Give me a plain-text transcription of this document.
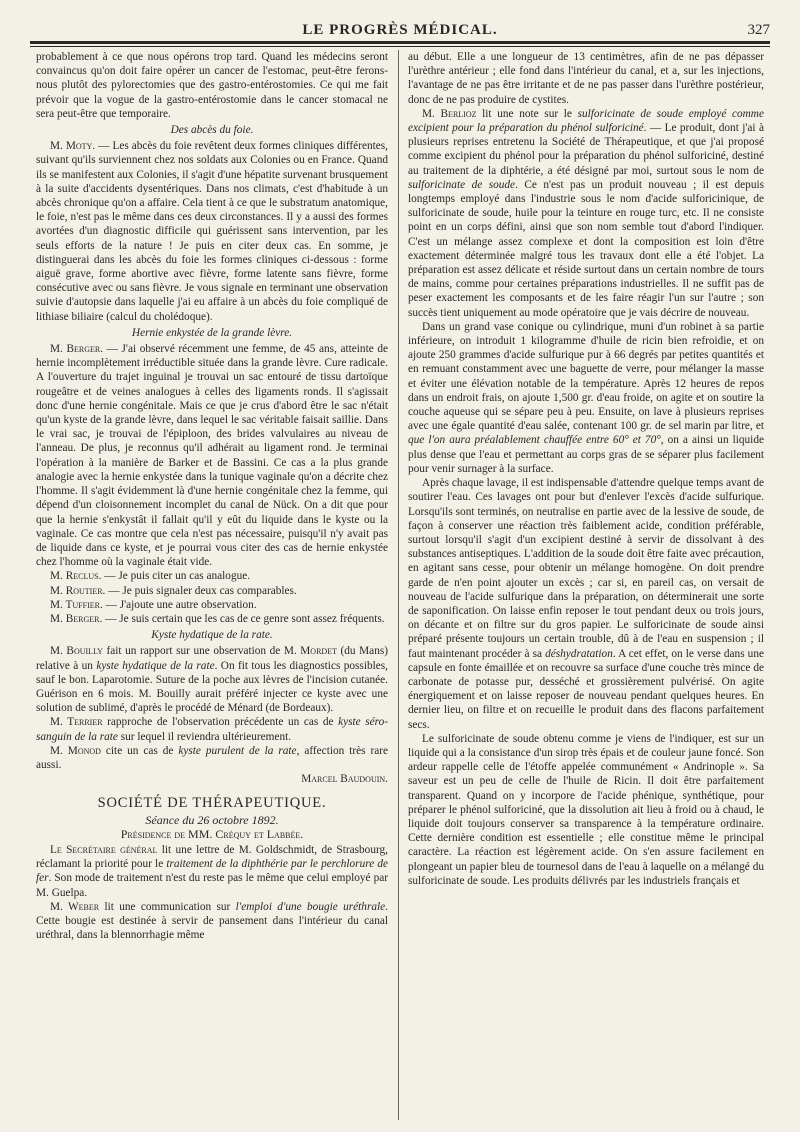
LE PROGRÈS MÉDICAL.	327

probablement à ce que nous opérons trop tard. Quand les médecins seront convaincus qu'on doit faire opérer un cancer de l'estomac, peut-être ferons-nous plutôt des pylorectomies que des gastro-entérostomies. Ce qui me fait prévoir que la vogue de la gastro-entérostomie dans le cancer stomacal ne sera peut-être que temporaire.

Des abcès du foie.

M. Moty. — Les abcès du foie revêtent deux formes cliniques différentes, suivant qu'ils surviennent chez nos soldats aux Colonies ou en France. Quand ils se manifestent aux Colonies, il s'agit d'une hépatite survenant brusquement à la suite d'accidents dysentériques. Dans nos climats, c'est d'habitude à un abcès chronique qu'on a affaire. Cela tient à ce que le substratum anatomique, le foie, n'est pas le même dans ces deux circonstances. Il y a aussi des formes avortées d'un diagnostic difficile qui guérissent sans intervention, par les seuls efforts de la nature ! Je puis en citer deux cas. En somme, je distinguerai dans les abcès du foie les formes cliniques ci-dessous : forme aiguë grave, forme abortive avec fièvre, forme latente sans fièvre, forme consécutive avec ou sans fièvre. Je vous signale en terminant une observation suivie d'autopsie dans laquelle j'ai eu affaire à un abcès du foie compliqué de lithiase biliaire (calcul du cholédoque).

Hernie enkystée de la grande lèvre.

M. Berger. — J'ai observé récemment une femme, de 45 ans, atteinte de hernie incomplètement irréductible située dans la grande lèvre. Cure radicale. A l'ouverture du trajet inguinal je trouvai un sac entouré de tissu dartoïque rougeâtre et de veines analogues à celles des ligaments ronds. Il s'agissait donc d'une hernie congénitale. Mais ce que je crus d'abord être le sac n'était qu'un kyste de la grande lèvre, dans lequel le sac véritable faisait saillie. Dans le vrai sac, je trouvai de l'épiploon, des brides valvulaires au niveau de l'anneau. De plus, je reconnus qu'il adhérait au ligament rond. Je terminai l'opération à la manière de Barker et de Bassini. Ce cas a la plus grande analogie avec la hernie enkystée dans la tunique vaginale qu'on a décrite chez l'homme. Il s'agit évidemment là d'une hernie congénitale chez la femme, qui dépend d'un cloisonnement incomplet du canal de Nück. On a dit que pour que la hernie s'enkystât il fallait qu'il y eût du liquide dans le kyste ou la vaginale. Ce cas montre que cela n'est pas nécessaire, puisqu'il n'y avait pas de liquide dans ce kyste, et je pourrai vous citer des cas de hernie enkystée chez l'homme où la vaginale était vide.

M. Reclus. — Je puis citer un cas analogue.

M. Routier. — Je puis signaler deux cas comparables.

M. Tuffier. — J'ajoute une autre observation.

M. Berger. — Je suis certain que les cas de ce genre sont assez fréquents.

Kyste hydatique de la rate.

M. Bouilly fait un rapport sur une observation de M. Mordet (du Mans) relative à un kyste hydatique de la rate. On fit tous les diagnostics possibles, sauf le bon. Laparotomie. Suture de la poche aux lèvres de l'incision cutanée. Guérison en 6 mois. M. Bouilly aurait préféré injecter ce kyste avec une solution de sublimé, d'après le procédé de Ménard (de Bordeaux).

M. Terrier rapproche de l'observation précédente un cas de kyste séro-sanguin de la rate sur lequel il reviendra ultérieurement.

M. Monod cite un cas de kyste purulent de la rate, affection très rare aussi.

Marcel Baudouin.

SOCIÉTÉ DE THÉRAPEUTIQUE.

Séance du 26 octobre 1892.

Présidence de MM. Créquy et Labbée.

Le Secrétaire général lit une lettre de M. Goldschmidt, de Strasbourg, réclamant la priorité pour le traitement de la diphthérie par le perchlorure de fer. Son mode de traitement n'est du reste pas le même que celui employé par M. Guelpa.

M. Weber lit une communication sur l'emploi d'une bougie uréthrale. Cette bougie est destinée à servir de pansement dans l'intérieur du canal uréthral, dans la blennorrhagie même

au début. Elle a une longueur de 13 centimètres, afin de ne pas dépasser l'urèthre antérieur ; elle fond dans l'intérieur du canal, et a, sur les injections, l'avantage de ne pas être irritante et de ne pas passer dans l'urèthre postérieur, donc de ne pas produire de cystites.

M. Berlioz lit une note sur le sulforicinate de soude employé comme excipient pour la préparation du phénol sulforiciné. — Le produit, dont j'ai à plusieurs reprises entretenu la Société de Thérapeutique, et que j'ai proposé comme excipient du phénol pour la préparation du phénol sulforiciné, destiné au traitement de la diphtérie, a été désigné par moi, surtout sous le nom de sulforicinate de soude. Ce n'est pas un produit nouveau ; il est depuis longtemps employé dans l'industrie sous le nom d'acide sulforicinique, de sulforicinate de soude, huile pour la teinture en rouge turc, etc. Il ne consiste point en un corps défini, ainsi que son nom semble tout d'abord l'indiquer. C'est un mélange assez complexe et dont la composition est loin d'être exactement déterminée malgré tous les travaux dont elle a été l'objet. La préparation est assez délicate et réside surtout dans un certain nombre de tours de mains, comme pour certaines préparations industrielles. Il ne suffit pas de peser exactement les composants et de les faire réagir l'un sur l'autre ; son succès tient uniquement au mode opératoire que je vais décrire de nouveau.

Dans un grand vase conique ou cylindrique, muni d'un robinet à sa partie inférieure, on introduit 1 kilogramme d'huile de ricin bien refroidie, et on ajoute 250 grammes d'acide sulfurique pur à 66 degrés par petites quantités et en remuant constamment avec une baguette de verre, pour mélanger la masse et éviter une élévation notable de la température. Après 12 heures de repos dans un endroit frais, on ajoute 1,500 gr. d'eau froide, on agite et on soutire la couche aqueuse qui se sépare peu à peu. Ensuite, on lave à plusieurs reprises avec une égale quantité d'eau salée, contenant 100 gr. de sel marin par litre, et que l'on aura préalablement chauffée entre 60° et 70°, on a ainsi un liquide plus dense que l'eau et permettant au corps gras de se séparer plus facilement pour venir surnager à la surface.

Après chaque lavage, il est indispensable d'attendre quelque temps avant de soutirer l'eau. Ces lavages ont pour but d'enlever l'excès d'acide sulfurique. Lorsqu'ils sont terminés, on neutralise en partie avec de la lessive de soude, de façon à conserver une réaction très faiblement acide, condition préférable, surtout lorsqu'il s'agit d'un excipient destiné à servir de dissolvant à des substances antiseptiques. L'addition de la soude doit être faite avec précaution, en agitant sans cesse, pour obtenir un mélange homogène. On doit prendre garde de n'en point ajouter un excès ; car si, en pareil cas, on versait de nouveau de l'acide sulfurique dans la préparation, on déterminerait une sorte de saponification. On laisse enfin reposer le tout pendant deux ou trois jours, on décante et on filtre sur du gros papier. Le sulforicinate de soude ainsi préparé présente toujours un certain trouble, dû à de l'eau en suspension ; il faut maintenant procéder à sa déshydratation. A cet effet, on le verse dans une capsule en fonte émaillée et on recouvre sa surface d'une couche très mince de carbonate de potasse pur, desséché et grossièrement pulvérisé. On agite énergiquement et on laisse reposer de nouveau pendant quelques heures. En dernier lieu, on filtre et on recueille le produit dans des flacons parfaitement secs.

Le sulforicinate de soude obtenu comme je viens de l'indiquer, est sur un liquide qui a la consistance d'un sirop très épais et de couleur jaune foncé. Son ardeur rappelle celle de l'étoffe appelée communément « Andrinople ». Sa saveur est un peu de celle de l'huile de Ricin. Il doit être parfaitement transparent. Quand on y incorpore de l'acide phénique, synthétique, pour préparer le phénol sulforiciné, que la dissolution ait lieu à froid ou à chaud, le liquide doit toujours conserver sa transparence à la température ordinaire. Cette dernière condition est essentielle ; elle constitue même le principal caractère. La réaction est légèrement acide. On s'en assure facilement en plongeant un papier bleu de tournesol dans de l'eau à laquelle on a mélangé du sulforicinate de soude. Les produits délivrés par les industriels français et
